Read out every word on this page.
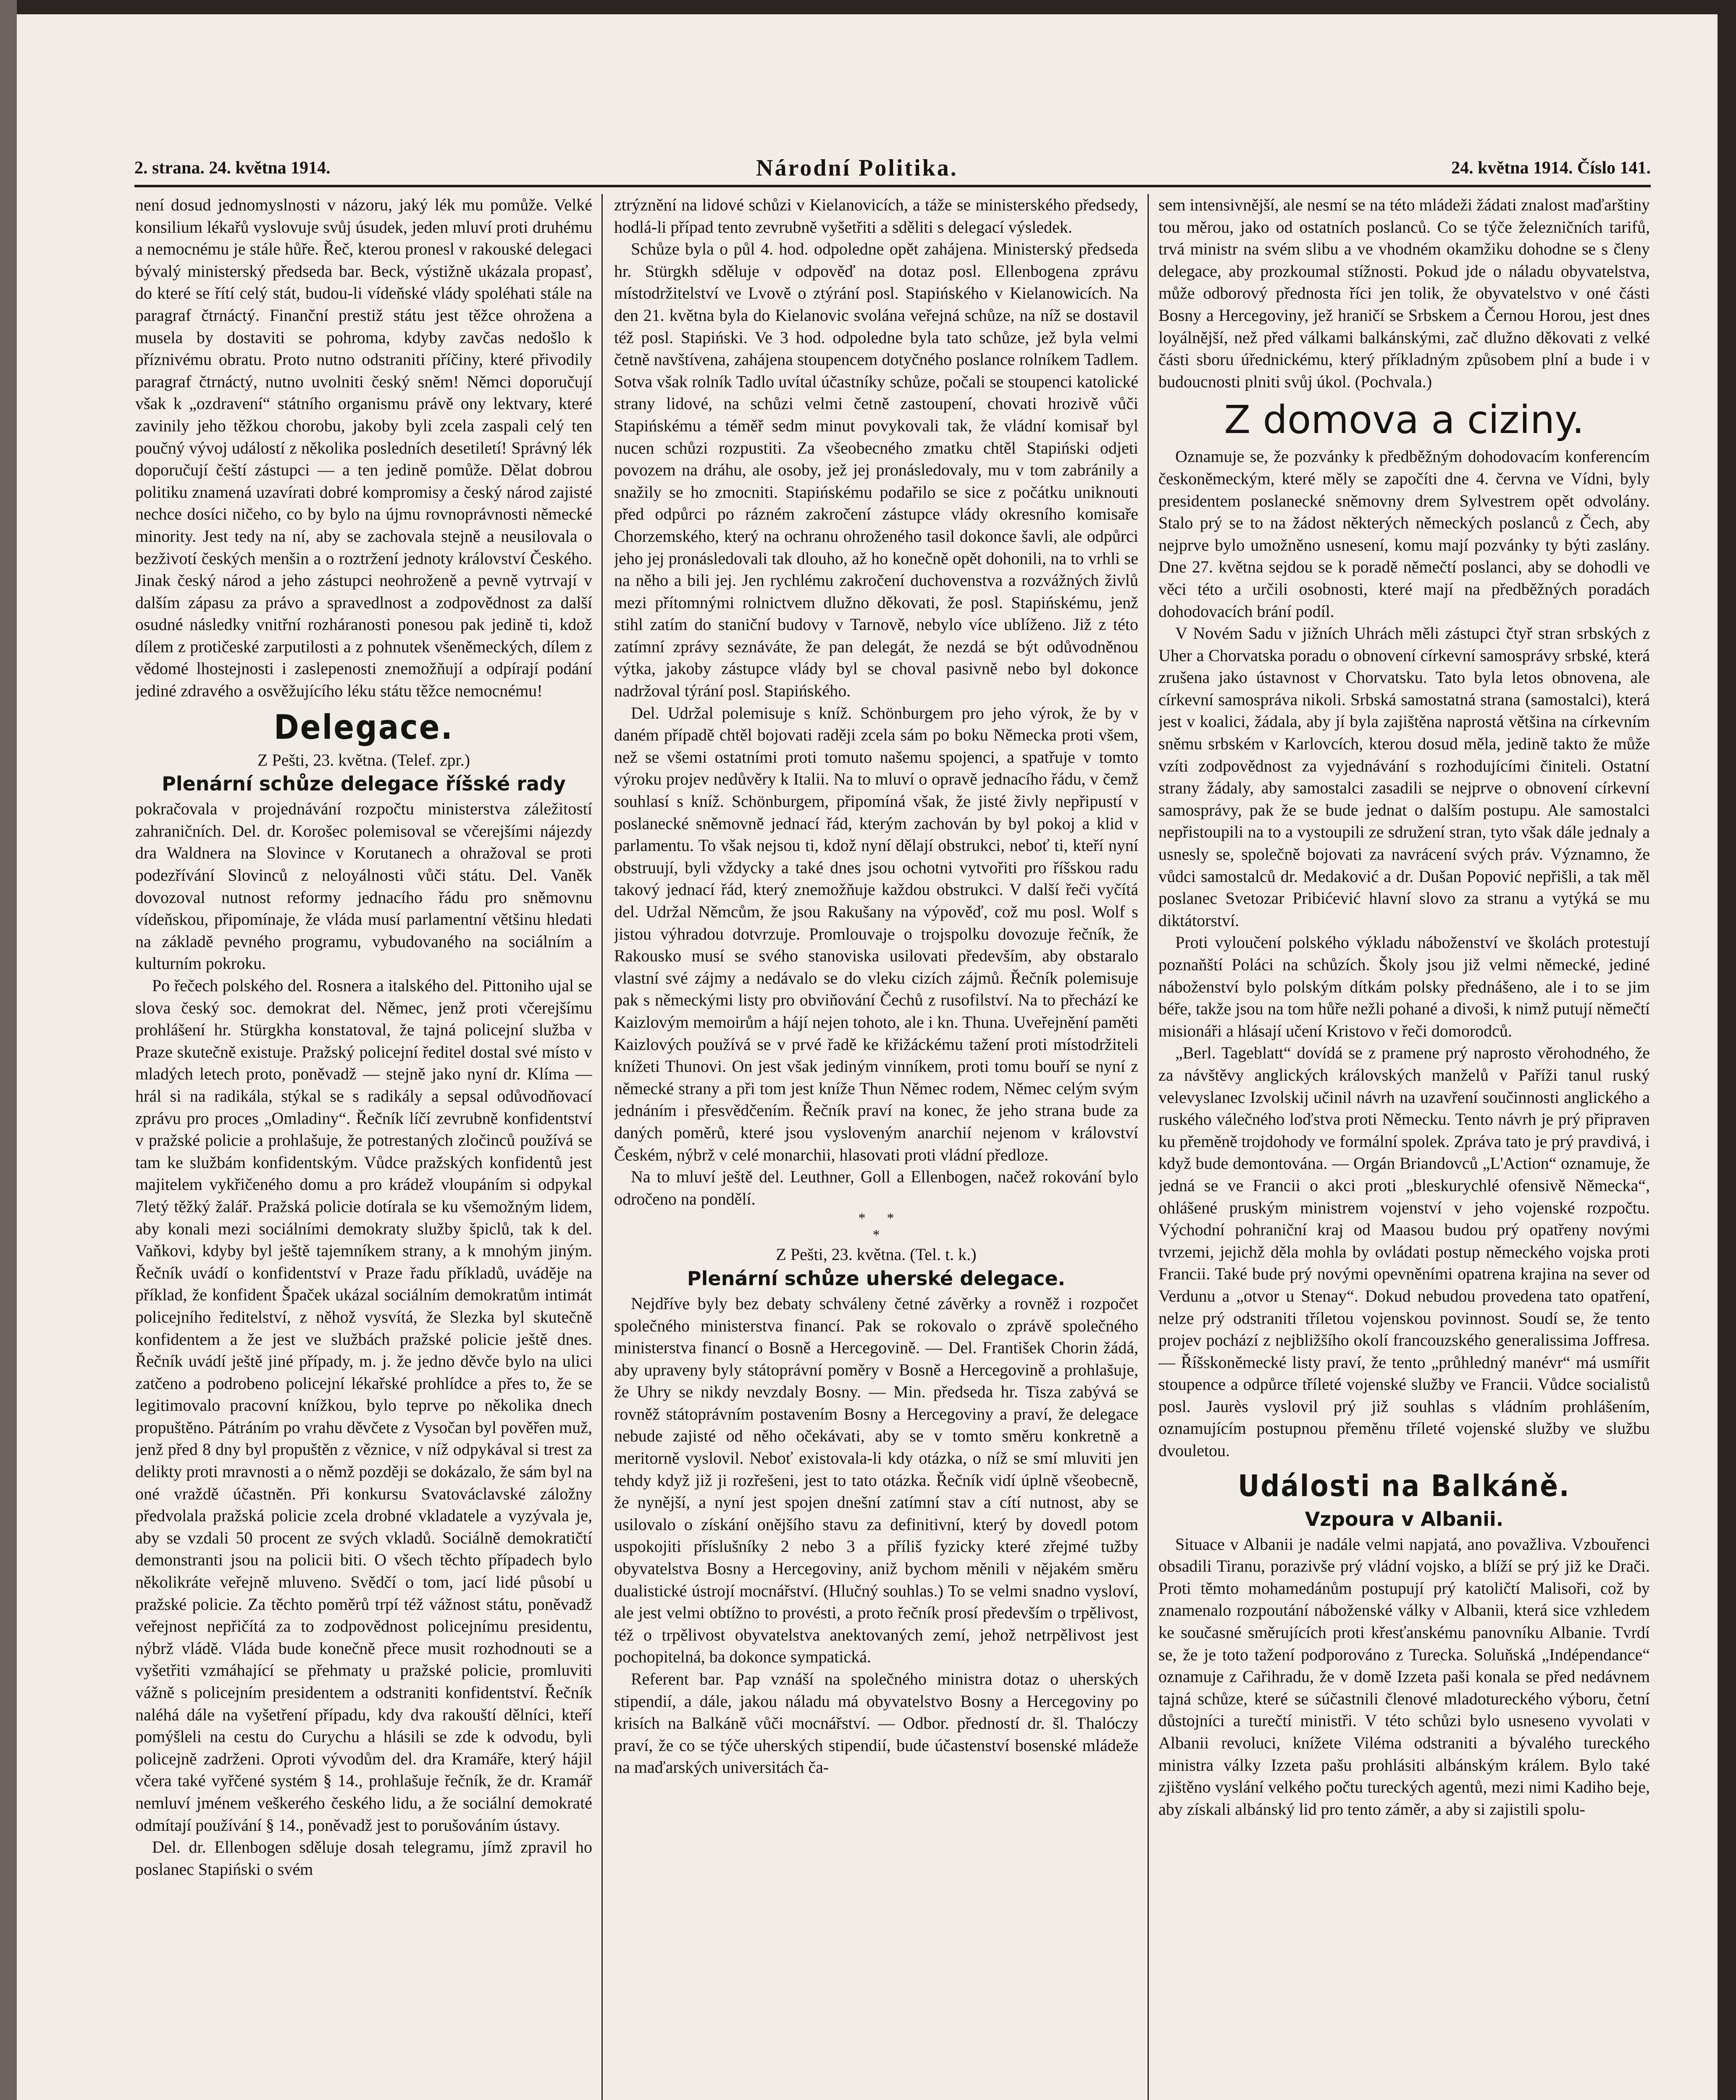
2. strana. 24. května 1914.	Národní Politika.	24. května 1914. Číslo 141.

není dosud jednomyslnosti v názoru, jaký lék mu pomůže. Velké konsilium lékařů vyslovuje svůj úsudek, jeden mluví proti druhému a nemocnému je stále hůře. Řeč, kterou pronesl v rakouské delegaci bývalý ministerský předseda bar. Beck, výstižně ukázala propasť, do které se řítí celý stát, budou-li vídeňské vlády spoléhati stále na paragraf čtrnáctý. Finanční prestiž státu jest těžce ohrožena a musela by dostaviti se pohroma, kdyby zavčas nedošlo k příznivému obratu. Proto nutno odstraniti příčiny, které přivodily paragraf čtrnáctý, nutno uvolniti český sněm! Němci doporučují však k „ozdravení“ státního organismu právě ony lektvary, které zavinily jeho těžkou chorobu, jakoby byli zcela zaspali celý ten poučný vývoj událostí z několika posledních desetiletí! Správný lék doporučují čeští zástupci — a ten jedině pomůže. Dělat dobrou politiku znamená uzavírati dobré kompromisy a český národ zajisté nechce dosíci ničeho, co by bylo na újmu rovnoprávnosti německé minority. Jest tedy na ní, aby se zachovala stejně a neusilovala o bezživotí českých menšin a o roztržení jednoty království Českého. Jinak český národ a jeho zástupci neohroženě a pevně vytrvají v dalším zápasu za právo a spravedlnost a zodpovědnost za další osudné následky vnitřní rozháranosti ponesou pak jedině ti, kdož dílem z protičeské zarputilosti a z pohnutek všeněmeckých, dílem z vědomé lhostejnosti i zaslepenosti znemožňují a odpírají podání jediné zdravého a osvěžujícího léku státu těžce nemocnému!

Delegace.

Z Pešti, 23. května. (Telef. zpr.)

Plenární schůze delegace říšské rady

pokračovala v projednávání rozpočtu ministerstva záležitostí zahraničních. Del. dr. Korošec polemisoval se včerejšími nájezdy dra Waldnera na Slovince v Korutanech a ohražoval se proti podezřívání Slovinců z neloyálnosti vůči státu. Del. Vaněk dovozoval nutnost reformy jednacího řádu pro sněmovnu vídeňskou, připomínaje, že vláda musí parlamentní většinu hledati na základě pevného programu, vybudovaného na sociálním a kulturním pokroku.

Po řečech polského del. Rosnera a italského del. Pittoniho ujal se slova český soc. demokrat del. Němec, jenž proti včerejšímu prohlášení hr. Stürgkha konstatoval, že tajná policejní služba v Praze skutečně existuje. Pražský policejní ředitel dostal své místo v mladých letech proto, poněvadž — stejně jako nyní dr. Klíma — hrál si na radikála, stýkal se s radikály a sepsal odůvodňovací zprávu pro proces „Omladiny“. Řečník líčí zevrubně konfidentství v pražské policie a prohlašuje, že potrestaných zločinců používá se tam ke službám konfidentským. Vůdce pražských konfidentů jest majitelem vykřičeného domu a pro krádež vloupáním si odpykal 7letý těžký žalář. Pražská policie dotírala se ku všemožným lidem, aby konali mezi sociálními demokraty služby špiclů, tak k del. Vaňkovi, kdyby byl ještě tajemníkem strany, a k mnohým jiným. Řečník uvádí o konfidentství v Praze řadu příkladů, uváděje na příklad, že konfident Špaček ukázal sociálním demokratům intimát policejního ředitelství, z něhož vysvítá, že Slezka byl skutečně konfidentem a že jest ve službách pražské policie ještě dnes. Řečník uvádí ještě jiné případy, m. j. že jedno děvče bylo na ulici zatčeno a podrobeno policejní lékařské prohlídce a přes to, že se legitimovalo pracovní knížkou, bylo teprve po několika dnech propuštěno. Pátráním po vrahu děvčete z Vysočan byl pověřen muž, jenž před 8 dny byl propuštěn z věznice, v níž odpykával si trest za delikty proti mravnosti a o němž později se dokázalo, že sám byl na oné vraždě účastněn. Při konkursu Svatováclavské záložny předvolala pražská policie zcela drobné vkladatele a vyzývala je, aby se vzdali 50 procent ze svých vkladů. Sociálně demokratičtí demonstranti jsou na policii biti. O všech těchto případech bylo několikráte veřejně mluveno. Svědčí o tom, jací lidé působí u pražské policie. Za těchto poměrů trpí též vážnost státu, poněvadž veřejnost nepřičítá za to zodpovědnost policejnímu presidentu, nýbrž vládě. Vláda bude konečně přece musit rozhodnouti se a vyšetřiti vzmáhající se přehmaty u pražské policie, promluviti vážně s policejním presidentem a odstraniti konfidentství. Řečník naléhá dále na vyšetření případu, kdy dva rakouští dělníci, kteří pomýšleli na cestu do Curychu a hlásili se zde k odvodu, byli policejně zadrženi. Oproti vývodům del. dra Kramáře, který hájil včera také vyřčené systém § 14., prohlašuje řečník, že dr. Kramář nemluví jménem veškerého českého lidu, a že sociální demokraté odmítají používání § 14., poněvadž jest to porušováním ústavy.

Del. dr. Ellenbogen sděluje dosah telegramu, jímž zpravil ho poslanec Stapiński o svém

ztrýznění na lidové schůzi v Kielanovicích, a táže se ministerského předsedy, hodlá-li případ tento zevrubně vyšetřiti a sděliti s delegací výsledek.

Schůze byla o půl 4. hod. odpoledne opět zahájena. Ministerský předseda hr. Stürgkh sděluje v odpověď na dotaz posl. Ellenbogena zprávu místodržitelství ve Lvově o ztýrání posl. Stapińského v Kielanowicích. Na den 21. května byla do Kielanovic svolána veřejná schůze, na níž se dostavil též posl. Stapiński. Ve 3 hod. odpoledne byla tato schůze, jež byla velmi četně navštívena, zahájena stoupencem dotyčného poslance rolníkem Tadlem. Sotva však rolník Tadlo uvítal účastníky schůze, počali se stoupenci katolické strany lidové, na schůzi velmi četně zastoupení, chovati hrozivě vůči Stapińskému a téměř sedm minut povykovali tak, že vládní komisař byl nucen schůzi rozpustiti. Za všeobecného zmatku chtěl Stapiński odjeti povozem na dráhu, ale osoby, jež jej pronásledovaly, mu v tom zabránily a snažily se ho zmocniti. Stapińskému podařilo se sice z počátku uniknouti před odpůrci po rázném zakročení zástupce vlády okresního komisaře Chorzemského, který na ochranu ohroženého tasil dokonce šavli, ale odpůrci jeho jej pronásledovali tak dlouho, až ho konečně opět dohonili, na to vrhli se na něho a bili jej. Jen rychlému zakročení duchovenstva a rozvážných živlů mezi přítomnými rolnictvem dlužno děkovati, že posl. Stapińskému, jenž stihl zatím do staniční budovy v Tarnově, nebylo více ublíženo. Již z této zatímní zprávy seznáváte, že pan delegát, že nezdá se být odůvodněnou výtka, jakoby zástupce vlády byl se choval pasivně nebo byl dokonce nadržoval týrání posl. Stapińského.

Del. Udržal polemisuje s kníž. Schönburgem pro jeho výrok, že by v daném případě chtěl bojovati raději zcela sám po boku Německa proti všem, než se všemi ostatními proti tomuto našemu spojenci, a spatřuje v tomto výroku projev nedůvěry k Italii. Na to mluví o opravě jednacího řádu, v čemž souhlasí s kníž. Schönburgem, připomíná však, že jisté živly nepřipustí v poslanecké sněmovně jednací řád, kterým zachován by byl pokoj a klid v parlamentu. To však nejsou ti, kdož nyní dělají obstrukci, neboť ti, kteří nyní obstruují, byli vždycky a také dnes jsou ochotni vytvořiti pro říšskou radu takový jednací řád, který znemožňuje každou obstrukci. V další řeči vyčítá del. Udržal Němcům, že jsou Rakušany na výpověď, což mu posl. Wolf s jistou výhradou dotvrzuje. Promlouvaje o trojspolku dovozuje řečník, že Rakousko musí se svého stanoviska usilovati především, aby obstaralo vlastní své zájmy a nedávalo se do vleku cizích zájmů. Řečník polemisuje pak s německými listy pro obviňování Čechů z rusofilství. Na to přechází ke Kaizlovým memoirům a hájí nejen tohoto, ale i kn. Thuna. Uveřejnění paměti Kaizlových používá se v prvé řadě ke křižáckému tažení proti místodržiteli knížeti Thunovi. On jest však jediným vinníkem, proti tomu bouří se nyní z německé strany a při tom jest kníže Thun Němec rodem, Němec celým svým jednáním i přesvědčením. Řečník praví na konec, že jeho strana bude za daných poměrů, které jsou vysloveným anarchií nejenom v království Českém, nýbrž v celé monarchii, hlasovati proti vládní předloze.

Na to mluví ještě del. Leuthner, Goll a Ellenbogen, načež rokování bylo odročeno na pondělí.

*      *
*

Z Pešti, 23. května. (Tel. t. k.)

Plenární schůze uherské delegace.

Nejdříve byly bez debaty schváleny četné závěrky a rovněž i rozpočet společného ministerstva financí. Pak se rokovalo o zprávě společného ministerstva financí o Bosně a Hercegovině. — Del. František Chorin žádá, aby upraveny byly státoprávní poměry v Bosně a Hercegovině a prohlašuje, že Uhry se nikdy nevzdaly Bosny. — Min. předseda hr. Tisza zabývá se rovněž státoprávním postavením Bosny a Hercegoviny a praví, že delegace nebude zajisté od něho očekávati, aby se v tomto směru konkretně a meritorně vyslovil. Neboť existovala-li kdy otázka, o níž se smí mluviti jen tehdy když již ji rozřešeni, jest to tato otázka. Řečník vidí úplně všeobecně, že nynější, a nyní jest spojen dnešní zatímní stav a cítí nutnost, aby se usilovalo o získání onějšího stavu za definitivní, který by dovedl potom uspokojiti příslušníky 2 nebo 3 a příliš fyzicky které zřejmé tužby obyvatelstva Bosny a Hercegoviny, aniž bychom měnili v nějakém směru dualistické ústrojí mocnářství. (Hlučný souhlas.) To se velmi snadno vysloví, ale jest velmi obtížno to provésti, a proto řečník prosí především o trpělivost, též o trpělivost obyvatelstva anektovaných zemí, jehož netrpělivost jest pochopitelná, ba dokonce sympatická.

Referent bar. Pap vznáší na společného ministra dotaz o uherských stipendií, a dále, jakou náladu má obyvatelstvo Bosny a Hercegoviny po krisích na Balkáně vůči mocnářství. — Odbor. předností dr. šl. Thalóczy praví, že co se týče uherských stipendií, bude účastenství bosenské mládeže na maďarských universitách ča-

sem intensivnější, ale nesmí se na této mládeži žádati znalost maďarštiny tou měrou, jako od ostatních poslanců. Co se týče železničních tarifů, trvá ministr na svém slibu a ve vhodném okamžiku dohodne se s členy delegace, aby prozkoumal stížnosti. Pokud jde o náladu obyvatelstva, může odborový přednosta říci jen tolik, že obyvatelstvo v oné části Bosny a Hercegoviny, jež hraničí se Srbskem a Černou Horou, jest dnes loyálnější, než před válkami balkánskými, zač dlužno děkovati z velké části sboru úřednickému, který příkladným způsobem plní a bude i v budoucnosti plniti svůj úkol. (Pochvala.)

Z domova a ciziny.

Oznamuje se, že pozvánky k předběžným dohodovacím konferencím českoněmeckým, které měly se započíti dne 4. června ve Vídni, byly presidentem poslanecké sněmovny drem Sylvestrem opět odvolány. Stalo prý se to na žádost některých německých poslanců z Čech, aby nejprve bylo umožněno usnesení, komu mají pozvánky ty býti zaslány. Dne 27. května sejdou se k poradě němečtí poslanci, aby se dohodli ve věci této a určili osobnosti, které mají na předběžných poradách dohodovacích brání podíl.

V Novém Sadu v jižních Uhrách měli zástupci čtyř stran srbských z Uher a Chorvatska poradu o obnovení církevní samosprávy srbské, která zrušena jako ústavnost v Chorvatsku. Tato byla letos obnovena, ale církevní samospráva nikoli. Srbská samostatná strana (samostalci), která jest v koalici, žádala, aby jí byla zajištěna naprostá většina na církevním sněmu srbském v Karlovcích, kterou dosud měla, jedině takto že může vzíti zodpovědnost za vyjednávání s rozhodujícími činiteli. Ostatní strany žádaly, aby samostalci zasadili se nejprve o obnovení církevní samosprávy, pak že se bude jednat o dalším postupu. Ale samostalci nepřistoupili na to a vystoupili ze sdružení stran, tyto však dále jednaly a usnesly se, společně bojovati za navrácení svých práv. Významno, že vůdci samostalců dr. Medaković a dr. Dušan Popović nepřišli, a tak měl poslanec Svetozar Pribićević hlavní slovo za stranu a vytýká se mu diktátorství.

Proti vyloučení polského výkladu náboženství ve školách protestují poznaňští Poláci na schůzích. Školy jsou již velmi německé, jediné náboženství bylo polským dítkám polsky přednášeno, ale i to se jim béře, takže jsou na tom hůře nežli pohané a divoši, k nimž putují němečtí misionáři a hlásají učení Kristovo v řeči domorodců.

„Berl. Tageblatt“ dovídá se z pramene prý naprosto věrohodného, že za návštěvy anglických královských manželů v Paříži tanul ruský velevyslanec Izvolskij učinil návrh na uzavření součinnosti anglického a ruského válečného loďstva proti Německu. Tento návrh je prý připraven ku přeměně trojdohody ve formální spolek. Zpráva tato je prý pravdivá, i když bude demontována. — Orgán Briandovců „L'Action“ oznamuje, že jedná se ve Francii o akci proti „bleskurychlé ofensivě Německa“, ohlášené pruským ministrem vojenství v jeho vojenské rozpočtu. Východní pohraniční kraj od Maasou budou prý opatřeny novými tvrzemi, jejichž děla mohla by ovládati postup německého vojska proti Francii. Také bude prý novými opevněními opatrena krajina na sever od Verdunu a „otvor u Stenay“. Dokud nebudou provedena tato opatření, nelze prý odstraniti tříletou vojenskou povinnost. Soudí se, že tento projev pochází z nejbližšího okolí francouzského generalissima Joffresa. — Říšskoněmecké listy praví, že tento „průhledný manévr“ má usmířit stoupence a odpůrce tříleté vojenské služby ve Francii. Vůdce socialistů posl. Jaurès vyslovil prý již souhlas s vládním prohlášením, oznamujícím postupnou přeměnu tříleté vojenské služby ve službu dvouletou.

Události na Balkáně.
Vzpoura v Albanii.

Situace v Albanii je nadále velmi napjatá, ano považliva. Vzbouřenci obsadili Tiranu, porazivše prý vládní vojsko, a blíží se prý již ke Drači. Proti těmto mohamedánům postupují prý katoličtí Malisoři, což by znamenalo rozpoutání náboženské války v Albanii, která sice vzhledem ke současné směrujících proti křesťanskému panovníku Albanie. Tvrdí se, že je toto tažení podporováno z Turecka. Soluňská „Indépendance“ oznamuje z Cařihradu, že v domě Izzeta paši konala se před nedávnem tajná schůze, které se súčastnili členové mladotureckého výboru, četní důstojníci a turečtí ministři. V této schůzi bylo usneseno vyvolati v Albanii revoluci, knížete Viléma odstraniti a bývalého tureckého ministra války Izzeta pašu prohlásiti albánským králem. Bylo také zjištěno vyslání velkého počtu tureckých agentů, mezi nimi Kadiho beje, aby získali albánský lid pro tento záměr, a aby si zajistili spolu-
